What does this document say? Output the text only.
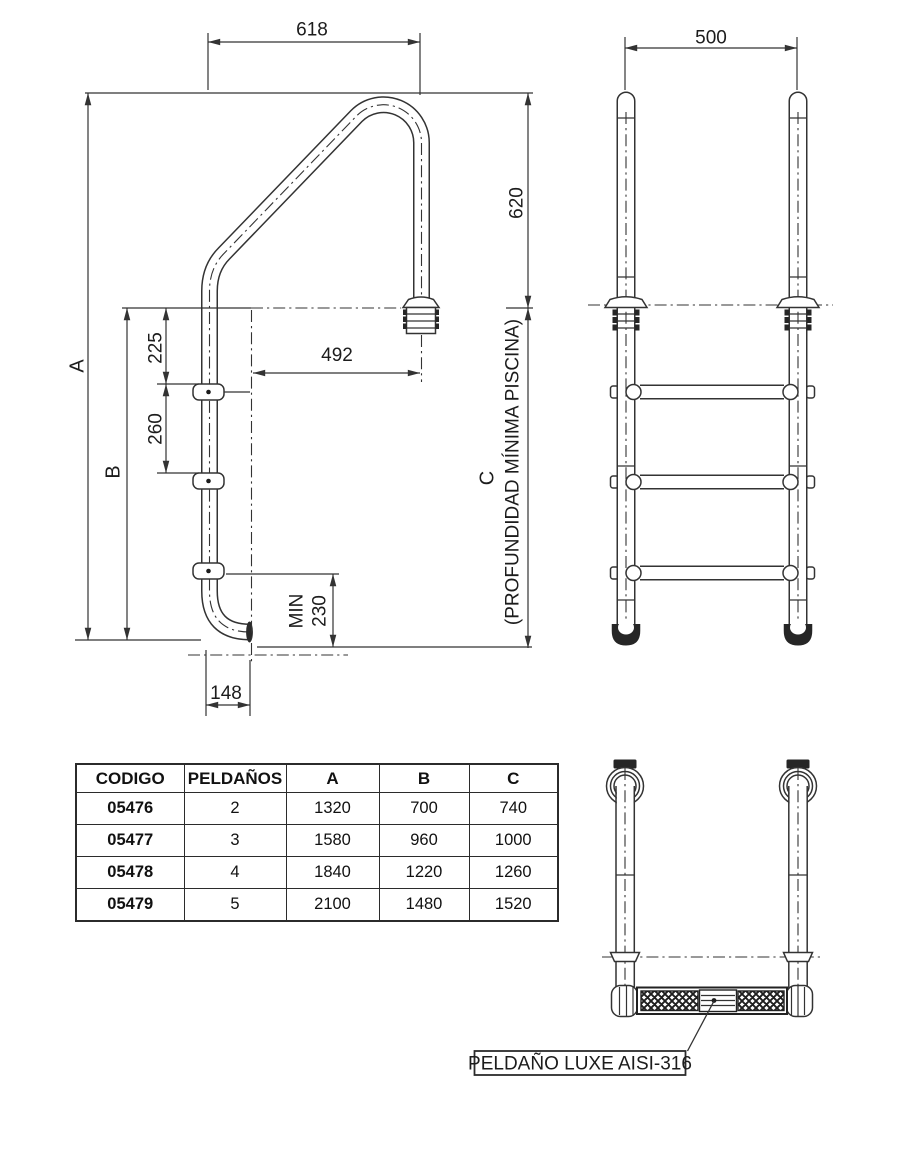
618
A
620
225
260
B
492
MIN 230
C (PROFUNDIDAD MÍNIMA PISCINA)
148
500
PELDAÑO LUXE AISI-316
CODIGO	PELDAÑOS	A	B	C
05476	2	1320	700	740
05477	3	1580	960	1000
05478	4	1840	1220	1260
05479	5	2100	1480	1520
